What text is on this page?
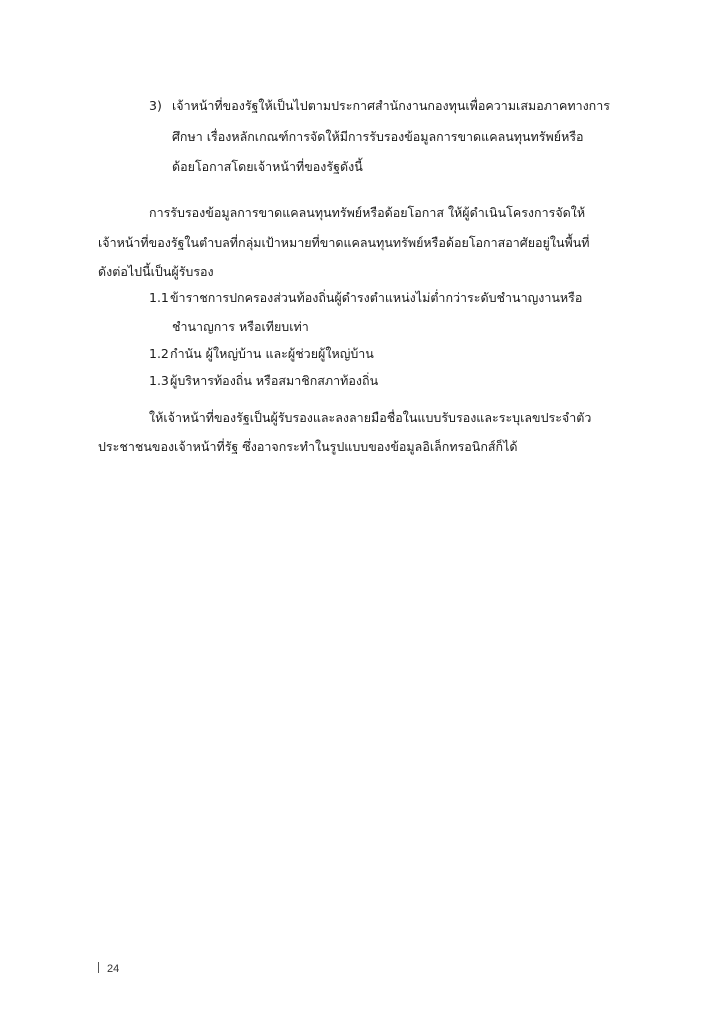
3) เจ้าหน้าที่ของรัฐให้เป็นไปตามประกาศสำนักงานกองทุนเพื่อความเสมอภาคทางการ
ศึกษา เรื่องหลักเกณฑ์การจัดให้มีการรับรองข้อมูลการขาดแคลนทุนทรัพย์หรือ
ด้อยโอกาสโดยเจ้าหน้าที่ของรัฐดังนี้
การรับรองข้อมูลการขาดแคลนทุนทรัพย์หรือด้อยโอกาส ให้ผู้ดำเนินโครงการจัดให้
เจ้าหน้าที่ของรัฐในตำบลที่กลุ่มเป้าหมายที่ขาดแคลนทุนทรัพย์หรือด้อยโอกาสอาศัยอยู่ในพื้นที่
ดังต่อไปนี้เป็นผู้รับรอง
1.1ข้าราชการปกครองส่วนท้องถิ่นผู้ดำรงตำแหน่งไม่ต่ำกว่าระดับชำนาญงานหรือ
ชำนาญการ หรือเทียบเท่า
1.2กำนัน ผู้ใหญ่บ้าน และผู้ช่วยผู้ใหญ่บ้าน
1.3ผู้บริหารท้องถิ่น หรือสมาชิกสภาท้องถิ่น
ให้เจ้าหน้าที่ของรัฐเป็นผู้รับรองและลงลายมือชื่อในแบบรับรองและระบุเลขประจำตัว
ประชาชนของเจ้าหน้าที่รัฐ ซึ่งอาจกระทำในรูปแบบของข้อมูลอิเล็กทรอนิกส์ก็ได้
24
